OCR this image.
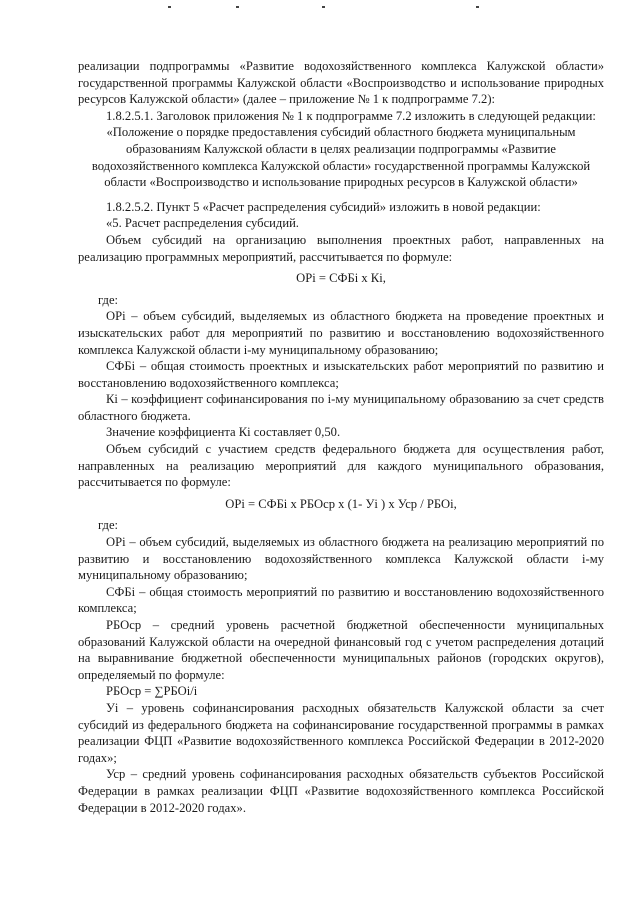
реализации подпрограммы «Развитие водохозяйственного комплекса Калужской области» государственной программы Калужской области «Воспроизводство и использование природных ресурсов Калужской области» (далее – приложение № 1 к подпрограмме 7.2):

1.8.2.5.1. Заголовок приложения № 1 к подпрограмме 7.2 изложить в следующей редакции:

«Положение о порядке предоставления субсидий областного бюджета муниципальным образованиям Калужской области в целях реализации подпрограммы «Развитие водохозяйственного комплекса Калужской области» государственной программы Калужской области «Воспроизводство и использование природных ресурсов в Калужской области»

1.8.2.5.2. Пункт 5 «Расчет распределения субсидий» изложить в новой редакции:

«5. Расчет распределения субсидий.

Объем субсидий на организацию выполнения проектных работ, направленных на реализацию программных мероприятий, рассчитывается по формуле:

ОРi = СФБi х Кi,

где:

ОРi – объем субсидий, выделяемых из областного бюджета на проведение проектных и изыскательских работ для мероприятий по развитию и восстановлению водохозяйственного комплекса Калужской области i-му муниципальному образованию;

СФБi – общая стоимость проектных и изыскательских работ мероприятий по развитию и восстановлению водохозяйственного комплекса;

Кi – коэффициент софинансирования по i-му муниципальному образованию за счет средств областного бюджета.

Значение коэффициента Кi составляет 0,50.

Объем субсидий с участием средств федерального бюджета для осуществления работ, направленных на реализацию мероприятий для каждого муниципального образования, рассчитывается по формуле:

ОРi = СФБi х РБОср х (1- Уi ) х Уср / РБОi,

где:

ОРi – объем субсидий, выделяемых из областного бюджета на реализацию мероприятий по развитию и восстановлению водохозяйственного комплекса Калужской области i-му муниципальному образованию;

СФБi – общая стоимость мероприятий по развитию и восстановлению водохозяйственного комплекса;

РБОср – средний уровень расчетной бюджетной обеспеченности муниципальных образований Калужской области на очередной финансовый год с учетом распределения дотаций на выравнивание бюджетной обеспеченности муниципальных районов (городских округов), определяемый по формуле:

РБОср = ∑РБОi/i

Уi – уровень софинансирования расходных обязательств Калужской области за счет субсидий из федерального бюджета на софинансирование государственной программы в рамках реализации ФЦП «Развитие водохозяйственного комплекса Российской Федерации в 2012-2020 годах»;

Уср – средний уровень софинансирования расходных обязательств субъектов Российской Федерации в рамках реализации ФЦП «Развитие водохозяйственного комплекса Российской Федерации в 2012-2020 годах».
